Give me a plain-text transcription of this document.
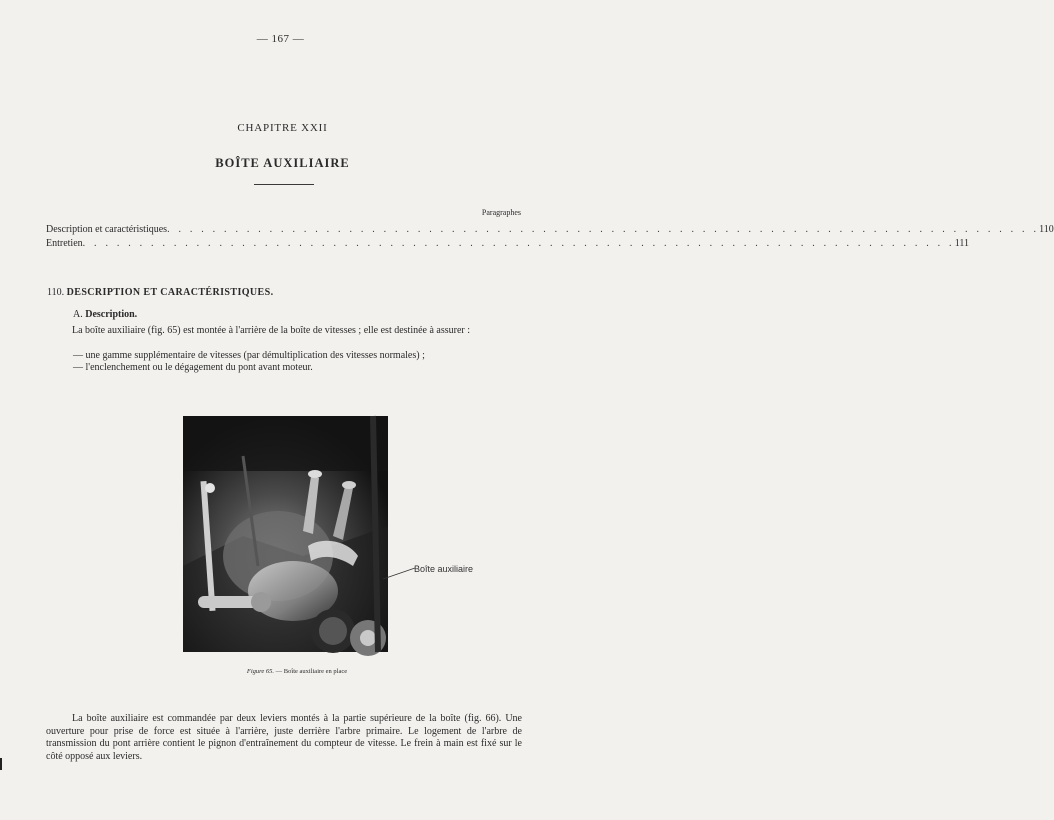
— 167 —
CHAPITRE XXII
BOÎTE AUXILIAIRE
Paragraphes
Description et caractéristiques . . . . . . . . . . . . . . . . . . . . . . . . . . . . . . . . . . . . . . . . . . . . . . . . . . . . . . . . . . . . . . . . . . . . . . . . . . . . . 110
Entretien . . . . . . . . . . . . . . . . . . . . . . . . . . . . . . . . . . . . . . . . . . . . . . . . . . . . . . . . . . . . . . . . . . . . . . . . . . . . . 111
110. DESCRIPTION ET CARACTÉRISTIQUES.
A. Description.
La boîte auxiliaire (fig. 65) est montée à l'arrière de la boîte de vitesses ; elle est destinée à assurer :
— une gamme supplémentaire de vitesses (par démultiplication des vitesses normales) ;
— l'enclenchement ou le dégagement du pont avant moteur.
Boîte auxiliaire
Figure 65. — Boîte auxiliaire en place
La boîte auxiliaire est commandée par deux leviers montés à la partie supérieure de la boîte (fig. 66). Une ouverture pour prise de force est située à l'arrière, juste derrière l'arbre primaire. Le logement de l'arbre de transmission du pont arrière contient le pignon d'entraînement du compteur de vitesse. Le frein à main est fixé sur le côté opposé aux leviers.
